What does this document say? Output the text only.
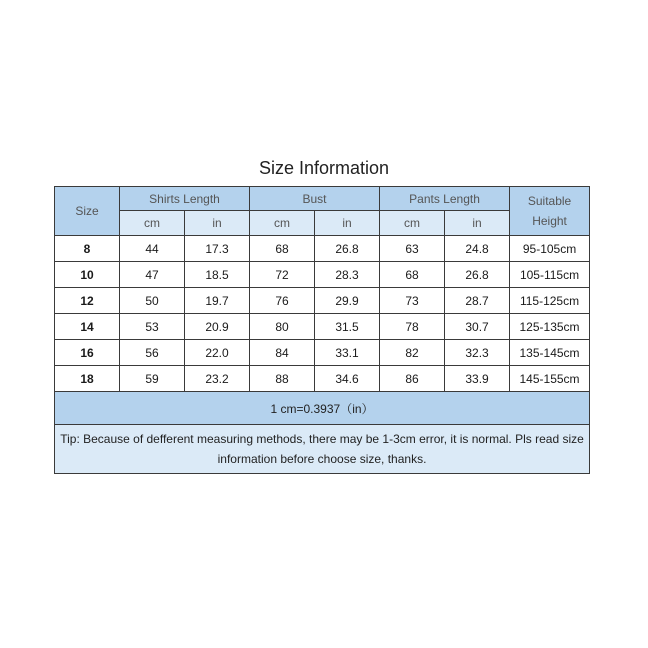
Size Information
Size	Shirts Length		Bust		Pants Length		Suitable
Height

	cm	in	cm	in	cm	in	
8	44	17.3	68	26.8	63	24.8	95-105cm
10	47	18.5	72	28.3	68	26.8	105-115cm
12	50	19.7	76	29.9	73	28.7	115-125cm
14	53	20.9	80	31.5	78	30.7	125-135cm
16	56	22.0	84	33.1	82	32.3	135-145cm
18	59	23.2	88	34.6	86	33.9	145-155cm
1 cm=0.3937（in）							
Tip: Because of defferent measuring methods, there may be 1-3cm error, it is normal. Pls read size information before choose size, thanks.							
